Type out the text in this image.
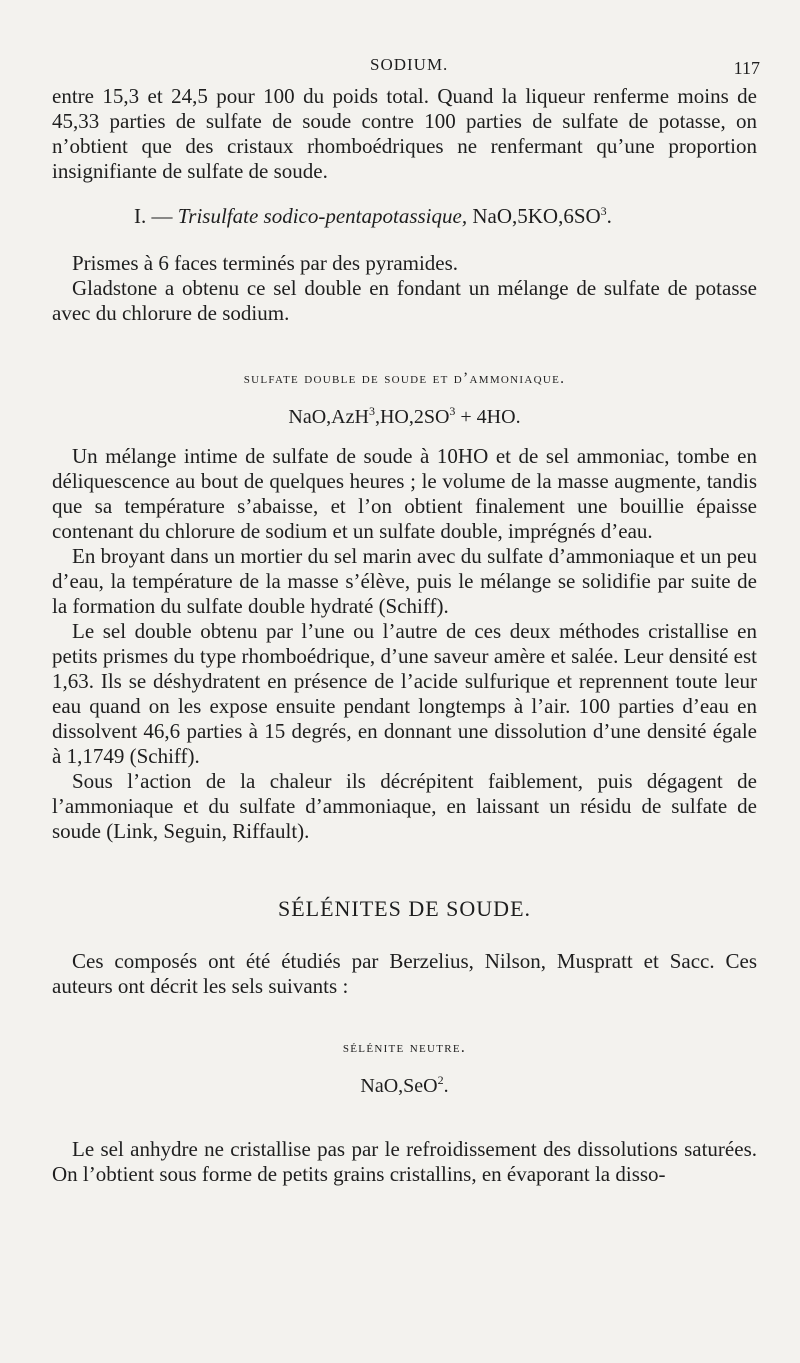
SODIUM.	117

entre 15,3 et 24,5 pour 100 du poids total. Quand la liqueur renferme moins de 45,33 parties de sulfate de soude contre 100 parties de sulfate de potasse, on n’obtient que des cristaux rhomboédriques ne renfermant qu’une proportion insignifiante de sulfate de soude.

I. — Trisulfate sodico-pentapotassique, $NaO,5KO,6SO^3$.

Prismes à 6 faces terminés par des pyramides.

Gladstone a obtenu ce sel double en fondant un mélange de sulfate de potasse avec du chlorure de sodium.

sulfate double de soude et d’ammoniaque.

$NaO,AzH^3,HO,2SO^3 + 4HO$.

Un mélange intime de sulfate de soude à 10HO et de sel ammoniac, tombe en déliquescence au bout de quelques heures ; le volume de la masse augmente, tandis que sa température s’abaisse, et l’on obtient finalement une bouillie épaisse contenant du chlorure de sodium et un sulfate double, imprégnés d’eau.

En broyant dans un mortier du sel marin avec du sulfate d’ammoniaque et un peu d’eau, la température de la masse s’élève, puis le mélange se solidifie par suite de la formation du sulfate double hydraté (Schiff).

Le sel double obtenu par l’une ou l’autre de ces deux méthodes cristallise en petits prismes du type rhomboédrique, d’une saveur amère et salée. Leur densité est 1,63. Ils se déshydratent en présence de l’acide sulfurique et reprennent toute leur eau quand on les expose ensuite pendant longtemps à l’air. 100 parties d’eau en dissolvent 46,6 parties à 15 degrés, en donnant une dissolution d’une densité égale à 1,1749 (Schiff).

Sous l’action de la chaleur ils décrépitent faiblement, puis dégagent de l’ammoniaque et du sulfate d’ammoniaque, en laissant un résidu de sulfate de soude (Link, Seguin, Riffault).

SÉLÉNITES DE SOUDE.

Ces composés ont été étudiés par Berzelius, Nilson, Muspratt et Sacc. Ces auteurs ont décrit les sels suivants :

sélénite neutre.

NaO,SeO$^2$.

Le sel anhydre ne cristallise pas par le refroidissement des dissolutions saturées. On l’obtient sous forme de petits grains cristallins, en évaporant la disso-
